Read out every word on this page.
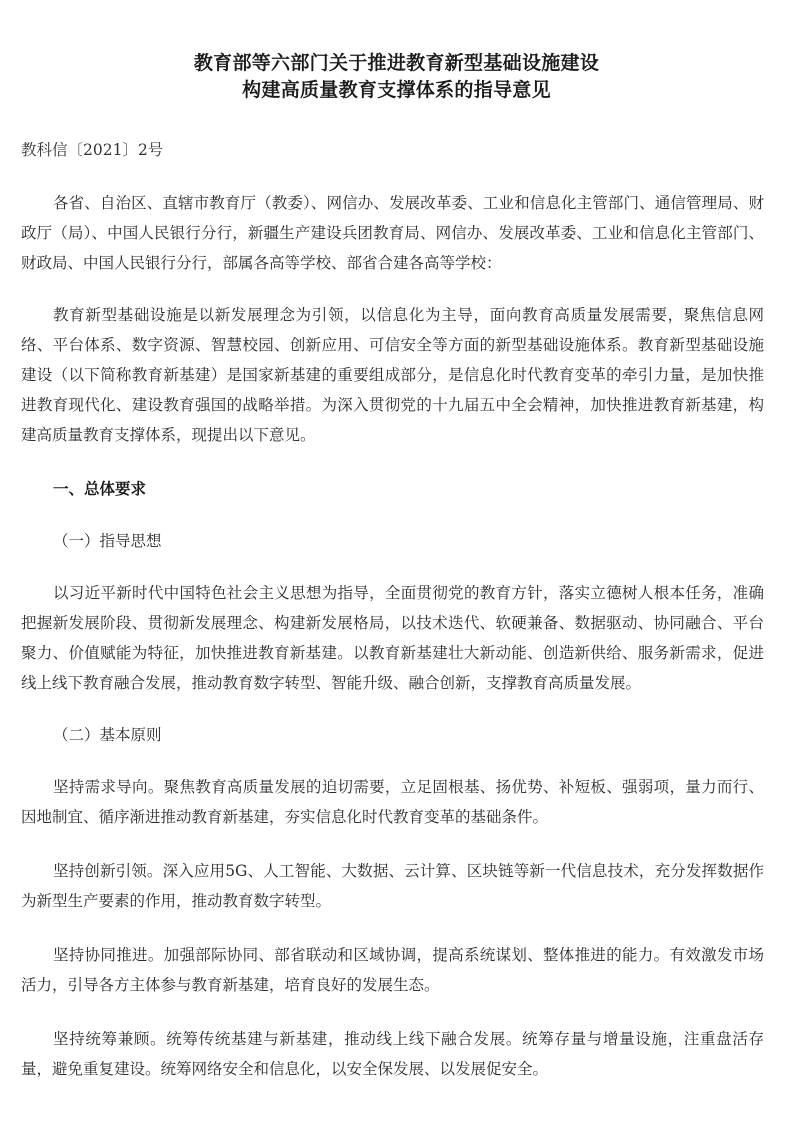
教育部等六部门关于推进教育新型基础设施建设
构建高质量教育支撑体系的指导意见
教科信〔2021〕2号

各省、自治区、直辖市教育厅（教委）、网信办、发展改革委、工业和信息化主管部门、通信管理局、财政厅（局）、中国人民银行分行，新疆生产建设兵团教育局、网信办、发展改革委、工业和信息化主管部门、财政局、中国人民银行分行，部属各高等学校、部省合建各高等学校：

教育新型基础设施是以新发展理念为引领，以信息化为主导，面向教育高质量发展需要，聚焦信息网络、平台体系、数字资源、智慧校园、创新应用、可信安全等方面的新型基础设施体系。教育新型基础设施建设（以下简称教育新基建）是国家新基建的重要组成部分，是信息化时代教育变革的牵引力量，是加快推进教育现代化、建设教育强国的战略举措。为深入贯彻党的十九届五中全会精神，加快推进教育新基建，构建高质量教育支撑体系，现提出以下意见。

一、总体要求
（一）指导思想

以习近平新时代中国特色社会主义思想为指导，全面贯彻党的教育方针，落实立德树人根本任务，准确把握新发展阶段、贯彻新发展理念、构建新发展格局，以技术迭代、软硬兼备、数据驱动、协同融合、平台聚力、价值赋能为特征，加快推进教育新基建。以教育新基建壮大新动能、创造新供给、服务新需求，促进线上线下教育融合发展，推动教育数字转型、智能升级、融合创新，支撑教育高质量发展。

（二）基本原则

坚持需求导向。聚焦教育高质量发展的迫切需要，立足固根基、扬优势、补短板、强弱项，量力而行、因地制宜、循序渐进推动教育新基建，夯实信息化时代教育变革的基础条件。

坚持创新引领。深入应用5G、人工智能、大数据、云计算、区块链等新一代信息技术，充分发挥数据作为新型生产要素的作用，推动教育数字转型。

坚持协同推进。加强部际协同、部省联动和区域协调，提高系统谋划、整体推进的能力。有效激发市场活力，引导各方主体参与教育新基建，培育良好的发展生态。

坚持统筹兼顾。统筹传统基建与新基建，推动线上线下融合发展。统筹存量与增量设施，注重盘活存量，避免重复建设。统筹网络安全和信息化，以安全保发展、以发展促安全。
